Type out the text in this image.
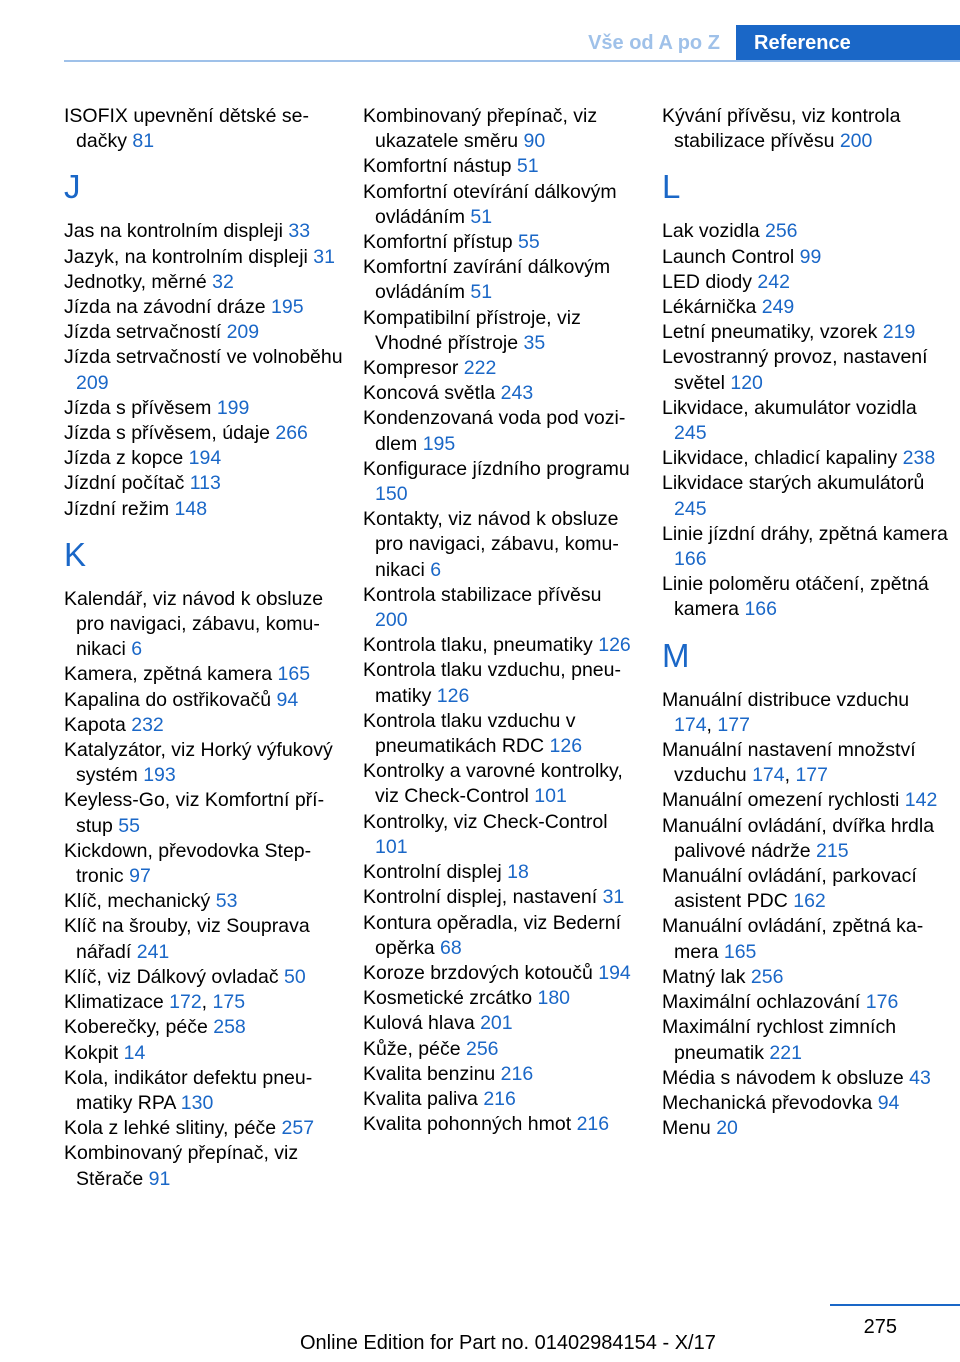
Vše od A po Z	Reference
ISOFIX upevnění dětské sedačky 81
J
Jas na kontrolním displeji 33
Jazyk, na kontrolním displeji 31
Jednotky, měrné 32
Jízda na závodní dráze 195
Jízda setrvačností 209
Jízda setrvačností ve volnoběhu 209
Jízda s přívěsem 199
Jízda s přívěsem, údaje 266
Jízda z kopce 194
Jízdní počítač 113
Jízdní režim 148
K
Kalendář, viz návod k obsluze pro navigaci, zábavu, komunikaci 6
Kamera, zpětná kamera 165
Kapalina do ostřikovačů 94
Kapota 232
Katalyzátor, viz Horký výfukový systém 193
Keyless-Go, viz Komfortní přístup 55
Kickdown, převodovka Steptronic 97
Klíč, mechanický 53
Klíč na šrouby, viz Souprava nářadí 241
Klíč, viz Dálkový ovladač 50
Klimatizace 172, 175
Koberečky, péče 258
Kokpit 14
Kola, indikátor defektu pneumatiky RPA 130
Kola z lehké slitiny, péče 257
Kombinovaný přepínač, viz Stěrače 91
Kombinovaný přepínač, viz ukazatele směru 90
Komfortní nástup 51
Komfortní otevírání dálkovým ovládáním 51
Komfortní přístup 55
Komfortní zavírání dálkovým ovládáním 51
Kompatibilní přístroje, viz Vhodné přístroje 35
Kompresor 222
Koncová světla 243
Kondenzovaná voda pod vozidlem 195
Konfigurace jízdního programu 150
Kontakty, viz návod k obsluze pro navigaci, zábavu, komunikaci 6
Kontrola stabilizace přívěsu 200
Kontrola tlaku, pneumatiky 126
Kontrola tlaku vzduchu, pneumatiky 126
Kontrola tlaku vzduchu v pneumatikách RDC 126
Kontrolky a varovné kontrolky, viz Check-Control 101
Kontrolky, viz Check-Control 101
Kontrolní displej 18
Kontrolní displej, nastavení 31
Kontura opěradla, viz Bederní opěrka 68
Koroze brzdových kotoučů 194
Kosmetické zrcátko 180
Kulová hlava 201
Kůže, péče 256
Kvalita benzinu 216
Kvalita paliva 216
Kvalita pohonných hmot 216
Kývání přívěsu, viz kontrola stabilizace přívěsu 200
L
Lak vozidla 256
Launch Control 99
LED diody 242
Lékárnička 249
Letní pneumatiky, vzorek 219
Levostranný provoz, nastavení světel 120
Likvidace, akumulátor vozidla 245
Likvidace, chladicí kapaliny 238
Likvidace starých akumulátorů 245
Linie jízdní dráhy, zpětná kamera 166
Linie poloměru otáčení, zpětná kamera 166
M
Manuální distribuce vzduchu 174, 177
Manuální nastavení množství vzduchu 174, 177
Manuální omezení rychlosti 142
Manuální ovládání, dvířka hrdla palivové nádrže 215
Manuální ovládání, parkovací asistent PDC 162
Manuální ovládání, zpětná kamera 165
Matný lak 256
Maximální ochlazování 176
Maximální rychlost zimních pneumatik 221
Média s návodem k obsluze 43
Mechanická převodovka 94
Menu 20
275
Online Edition for Part no. 01402984154 - X/17
